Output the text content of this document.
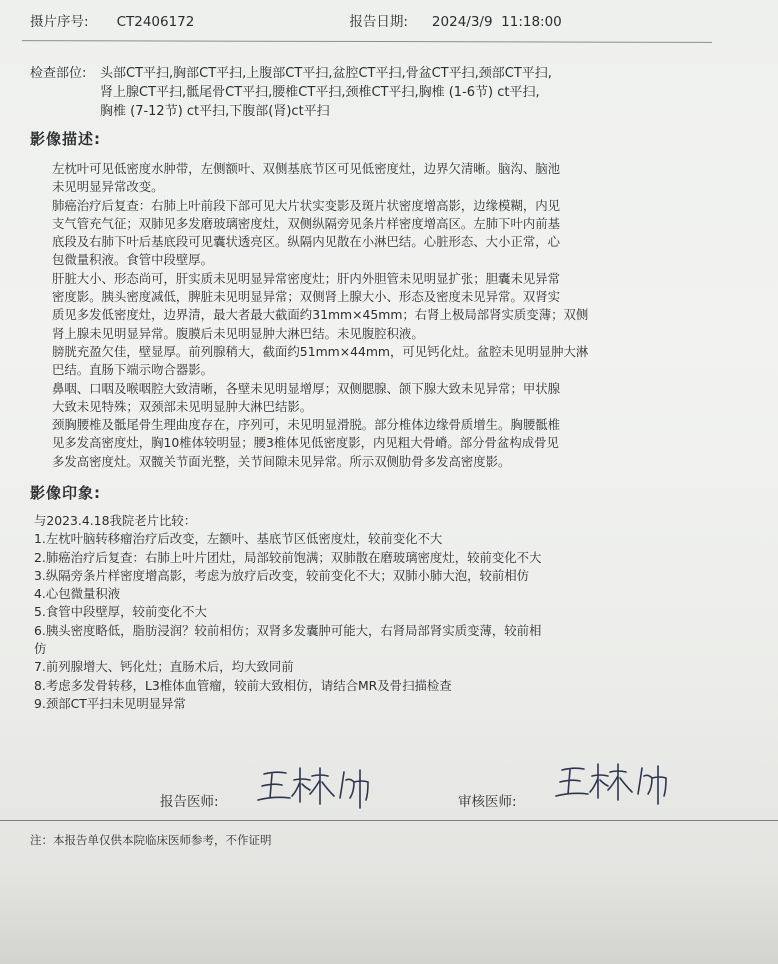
摄片序号: CT2406172	报告日期: 2024/3/9  11:18:00
检查部位: 头部CT平扫,胸部CT平扫,上腹部CT平扫,盆腔CT平扫,骨盆CT平扫,颈部CT平扫,
肾上腺CT平扫,骶尾骨CT平扫,腰椎CT平扫,颈椎CT平扫,胸椎 (1-6节) ct平扫,
胸椎 (7-12节) ct平扫,下腹部(肾)ct平扫
影像描述:

左枕叶可见低密度水肿带，左侧额叶、双侧基底节区可见低密度灶，边界欠清晰。脑沟、脑池

未见明显异常改变。

肺癌治疗后复查：右肺上叶前段下部可见大片状实变影及斑片状密度增高影，边缘模糊，内见

支气管充气征；双肺见多发磨玻璃密度灶，双侧纵隔旁见条片样密度增高区。左肺下叶内前基

底段及右肺下叶后基底段可见囊状透亮区。纵隔内见散在小淋巴结。心脏形态、大小正常，心

包微量积液。食管中段壁厚。

肝脏大小、形态尚可，肝实质未见明显异常密度灶；肝内外胆管未见明显扩张；胆囊未见异常

密度影。胰头密度减低，脾脏未见明显异常；双侧肾上腺大小、形态及密度未见异常。双肾实

质见多发低密度灶，边界清，最大者最大截面约31mm×45mm；右肾上极局部肾实质变薄；双侧

肾上腺未见明显异常。腹膜后未见明显肿大淋巴结。未见腹腔积液。

膀胱充盈欠佳，壁显厚。前列腺稍大，截面约51mm×44mm，可见钙化灶。盆腔未见明显肿大淋

巴结。直肠下端示吻合器影。

鼻咽、口咽及喉咽腔大致清晰，各壁未见明显增厚；双侧腮腺、颌下腺大致未见异常；甲状腺

大致未见特殊；双颈部未见明显肿大淋巴结影。

颈胸腰椎及骶尾骨生理曲度存在，序列可，未见明显滑脱。部分椎体边缘骨质增生。胸腰骶椎

见多发高密度灶，胸10椎体较明显；腰3椎体见低密度影，内见粗大骨嵴。部分骨盆构成骨见

多发高密度灶。双髋关节面光整，关节间隙未见异常。所示双侧肋骨多发高密度影。

影像印象:

与2023.4.18我院老片比较：

1.左枕叶脑转移瘤治疗后改变，左额叶、基底节区低密度灶，较前变化不大

2.肺癌治疗后复查：右肺上叶片团灶，局部较前饱满；双肺散在磨玻璃密度灶，较前变化不大

3.纵隔旁条片样密度增高影，考虑为放疗后改变，较前变化不大；双肺小肺大泡，较前相仿

4.心包微量积液

5.食管中段壁厚，较前变化不大

6.胰头密度略低，脂肪浸润？较前相仿；双肾多发囊肿可能大，右肾局部肾实质变薄，较前相

仿

7.前列腺增大、钙化灶；直肠术后，均大致同前

8.考虑多发骨转移，L3椎体血管瘤，较前大致相仿，请结合MR及骨扫描检查

9.颈部CT平扫未见明显异常

报告医师:	审核医师:
注：本报告单仅供本院临床医师参考，不作证明
